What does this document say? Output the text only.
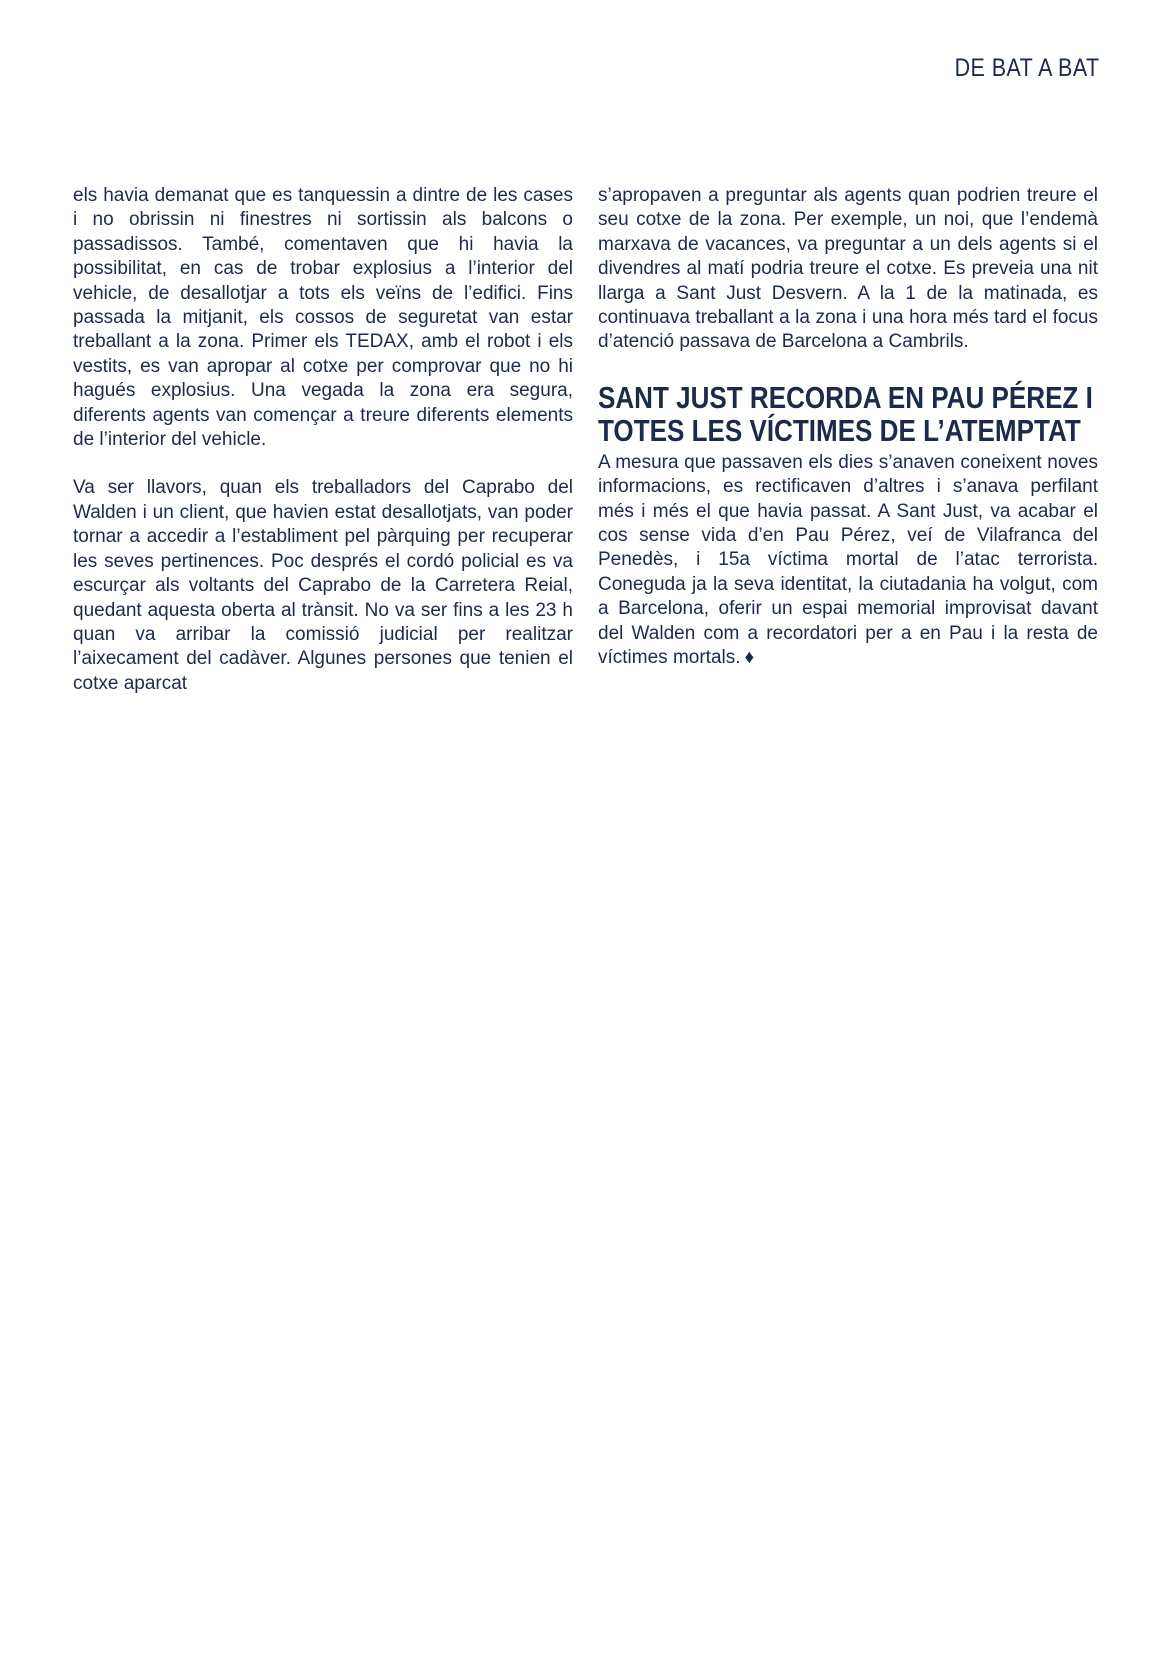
DE BAT A BAT

els havia demanat que es tanquessin a dintre de les cases i no obrissin ni finestres ni sortissin als balcons o passadissos. També, comentaven que hi havia la possibilitat, en cas de trobar explosius a l’interior del vehicle, de desallotjar a tots els veïns de l’edifici. Fins passada la mitjanit, els cossos de seguretat van estar treballant a la zona. Primer els TEDAX, amb el robot i els vestits, es van apropar al cotxe per comprovar que no hi hagués explosius. Una vegada la zona era segura, diferents agents van començar a treure diferents elements de l’interior del vehicle.

Va ser llavors, quan els treballadors del Caprabo del Walden i un client, que havien estat desallotjats, van poder tornar a accedir a l’establiment pel pàrquing per recuperar les seves pertinences. Poc després el cordó policial es va escurçar als voltants del Caprabo de la Carretera Reial, quedant aquesta oberta al trànsit. No va ser fins a les 23 h quan va arribar la comissió judicial per realitzar l’aixecament del cadàver. Algunes persones que tenien el cotxe aparcat

s’apropaven a preguntar als agents quan podrien treure el seu cotxe de la zona. Per exemple, un noi, que l’endemà marxava de vacances, va preguntar a un dels agents si el divendres al matí podria treure el cotxe. Es preveia una nit llarga a Sant Just Desvern. A la 1 de la matinada, es continuava treballant a la zona i una hora més tard el focus d’atenció passava de Barcelona a Cambrils.

SANT JUST RECORDA EN PAU PÉREZ I TOTES LES VÍCTIMES DE L’ATEMPTAT

A mesura que passaven els dies s’anaven coneixent noves informacions, es rectificaven d’altres i s’anava perfilant més i més el que havia passat. A Sant Just, va acabar el cos sense vida d’en Pau Pérez, veí de Vilafranca del Penedès, i 15a víctima mortal de l’atac terrorista. Coneguda ja la seva identitat, la ciutadania ha volgut, com a Barcelona, oferir un espai memorial improvisat davant del Walden com a recordatori per a en Pau i la resta de víctimes mortals. ♦
